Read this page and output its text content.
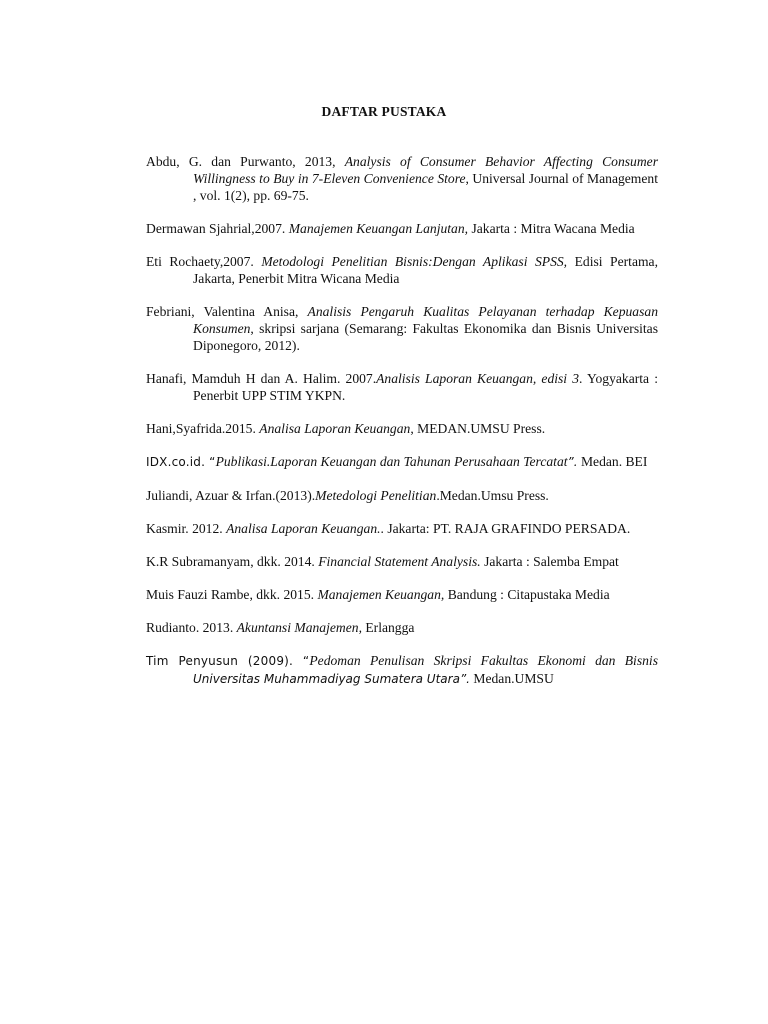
DAFTAR PUSTAKA

Abdu, G. dan Purwanto, 2013, Analysis of Consumer Behavior Affecting Consumer Willingness to Buy in 7-Eleven Convenience Store, Universal Journal of Management , vol. 1(2), pp. 69-75.

Dermawan Sjahrial,2007. Manajemen Keuangan Lanjutan, Jakarta : Mitra Wacana Media

Eti Rochaety,2007. Metodologi Penelitian Bisnis:Dengan Aplikasi SPSS, Edisi Pertama, Jakarta, Penerbit Mitra Wicana Media

Febriani, Valentina Anisa, Analisis Pengaruh Kualitas Pelayanan terhadap Kepuasan Konsumen, skripsi sarjana (Semarang: Fakultas Ekonomika dan Bisnis Universitas Diponegoro, 2012).

Hanafi, Mamduh H dan A. Halim. 2007.Analisis Laporan Keuangan, edisi 3. Yogyakarta : Penerbit UPP STIM YKPN.

Hani,Syafrida.2015. Analisa Laporan Keuangan, MEDAN.UMSU Press.

IDX.co.id. “Publikasi.Laporan Keuangan dan Tahunan Perusahaan Tercatat”. Medan. BEI

Juliandi, Azuar & Irfan.(2013).Metedologi Penelitian.Medan.Umsu Press.

Kasmir. 2012. Analisa Laporan Keuangan.. Jakarta: PT. RAJA GRAFINDO PERSADA.

K.R Subramanyam, dkk. 2014. Financial Statement Analysis. Jakarta : Salemba Empat

Muis Fauzi Rambe, dkk. 2015. Manajemen Keuangan, Bandung : Citapustaka Media

Rudianto. 2013. Akuntansi Manajemen, Erlangga

Tim Penyusun (2009). “Pedoman Penulisan Skripsi Fakultas Ekonomi dan Bisnis Universitas Muhammadiyag Sumatera Utara”. Medan.UMSU
